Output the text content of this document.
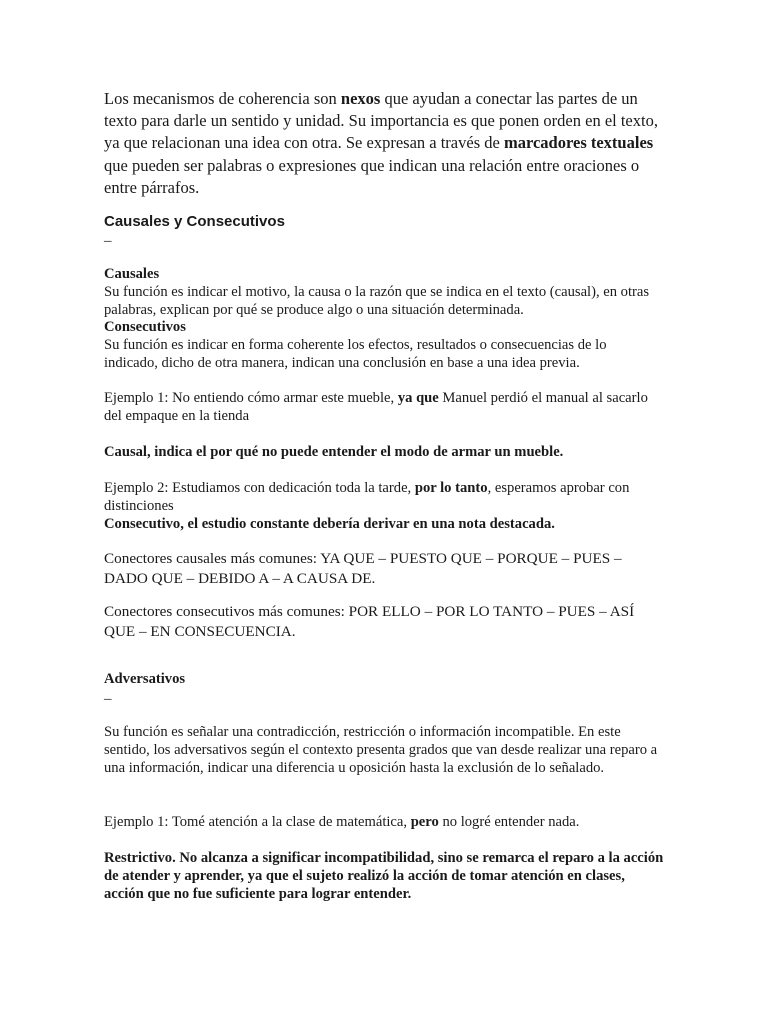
Los mecanismos de coherencia son nexos que ayudan a conectar las partes de un texto para darle un sentido y unidad. Su importancia es que ponen orden en el texto, ya que relacionan una idea con otra. Se expresan a través de marcadores textuales que pueden ser palabras o expresiones que indican una relación entre oraciones o entre párrafos.

Causales y Consecutivos
–
Causales
Su función es indicar el motivo, la causa o la razón que se indica en el texto (causal), en otras palabras, explican por qué se produce algo o una situación determinada.
Consecutivos
Su función es indicar en forma coherente los efectos, resultados o consecuencias de lo indicado, dicho de otra manera, indican una conclusión en base a una idea previa.

Ejemplo 1: No entiendo cómo armar este mueble, ya que Manuel perdió el manual al sacarlo del empaque en la tienda

Causal, indica el por qué no puede entender el modo de armar un mueble.

Ejemplo 2: Estudiamos con dedicación toda la tarde, por lo tanto, esperamos aprobar con distinciones
Consecutivo, el estudio constante debería derivar en una nota destacada.

Conectores causales más comunes: YA QUE – PUESTO QUE – PORQUE – PUES – DADO QUE – DEBIDO A – A CAUSA DE.

Conectores consecutivos más comunes: POR ELLO – POR LO TANTO – PUES – ASÍ QUE – EN CONSECUENCIA.

Adversativos
–

Su función es señalar una contradicción, restricción o información incompatible. En este sentido, los adversativos según el contexto presenta grados que van desde realizar una reparo a una información, indicar una diferencia u oposición hasta la exclusión de lo señalado.

Ejemplo 1: Tomé atención a la clase de matemática, pero no logré entender nada.

Restrictivo. No alcanza a significar incompatibilidad, sino se remarca el reparo a la acción de atender y aprender, ya que el sujeto realizó la acción de tomar atención en clases, acción que no fue suficiente para lograr entender.
